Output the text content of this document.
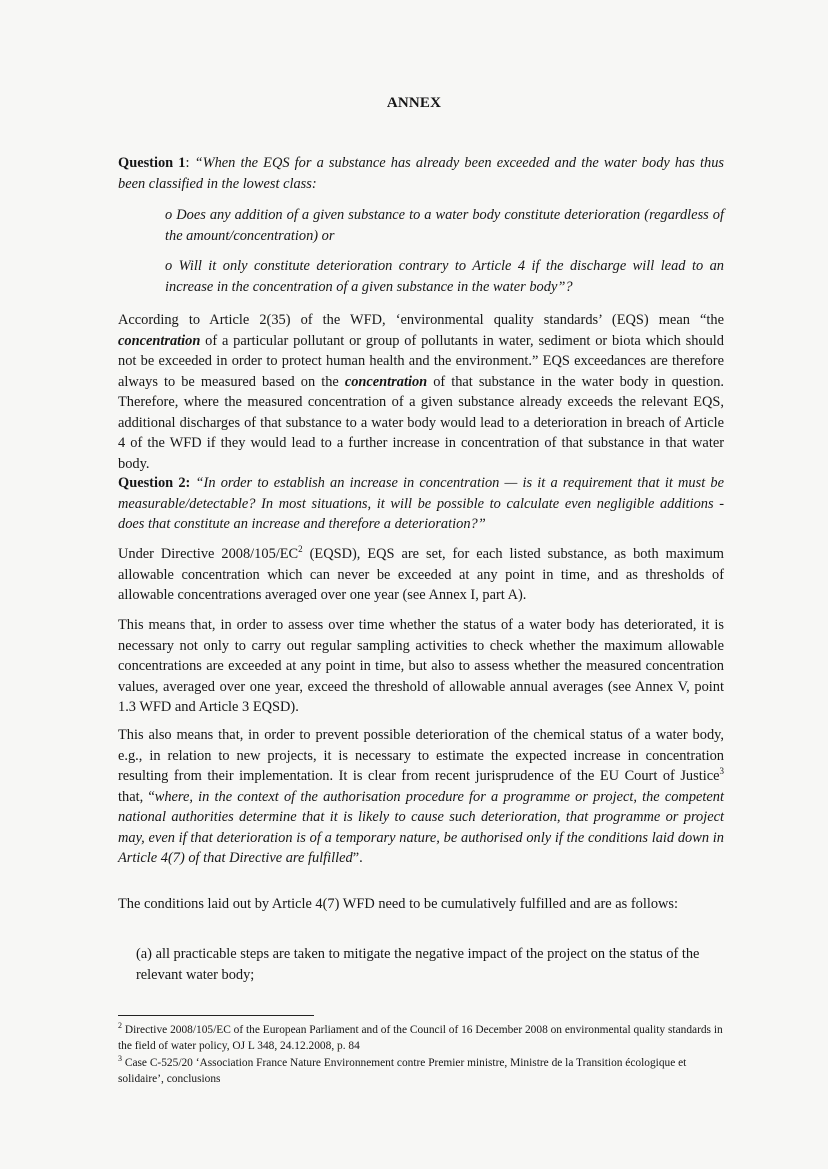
ANNEX
Question 1: “When the EQS for a substance has already been exceeded and the water body has thus been classified in the lowest class:
o Does any addition of a given substance to a water body constitute deterioration (regardless of the amount/concentration) or
o Will it only constitute deterioration contrary to Article 4 if the discharge will lead to an increase in the concentration of a given substance in the water body”?
According to Article 2(35) of the WFD, ‘environmental quality standards’ (EQS) mean “the concentration of a particular pollutant or group of pollutants in water, sediment or biota which should not be exceeded in order to protect human health and the environment.” EQS exceedances are therefore always to be measured based on the concentration of that substance in the water body in question. Therefore, where the measured concentration of a given substance already exceeds the relevant EQS, additional discharges of that substance to a water body would lead to a deterioration in breach of Article 4 of the WFD if they would lead to a further increase in concentration of that substance in that water body.
Question 2: “In order to establish an increase in concentration — is it a requirement that it must be measurable/detectable? In most situations, it will be possible to calculate even negligible additions - does that constitute an increase and therefore a deterioration?”
Under Directive $2008/105/EC^2$ (EQSD), EQS are set, for each listed substance, as both maximum allowable concentration which can never be exceeded at any point in time, and as thresholds of allowable concentrations averaged over one year (see Annex I, part A).
This means that, in order to assess over time whether the status of a water body has deteriorated, it is necessary not only to carry out regular sampling activities to check whether the maximum allowable concentrations are exceeded at any point in time, but also to assess whether the measured concentration values, averaged over one year, exceed the threshold of allowable annual averages (see Annex V, point 1.3 WFD and Article 3 EQSD).
This also means that, in order to prevent possible deterioration of the chemical status of a water body, e.g., in relation to new projects, it is necessary to estimate the expected increase in concentration resulting from their implementation. It is clear from recent jurisprudence of the EU Court of Justice$^3$ that, “where, in the context of the authorisation procedure for a programme or project, the competent national authorities determine that it is likely to cause such deterioration, that programme or project may, even if that deterioration is of a temporary nature, be authorised only if the conditions laid down in Article 4(7) of that Directive are fulfilled”.
The conditions laid out by Article 4(7) WFD need to be cumulatively fulfilled and are as follows:
(a) all practicable steps are taken to mitigate the negative impact of the project on the status of the relevant water body;
$^2$ Directive 2008/105/EC of the European Parliament and of the Council of 16 December 2008 on environmental quality standards in the field of water policy, OJ L 348, 24.12.2008, p. 84
$^3$ Case C-525/20 ‘Association France Nature Environnement contre Premier ministre, Ministre de la Transition écologique et solidaire’, conclusions
